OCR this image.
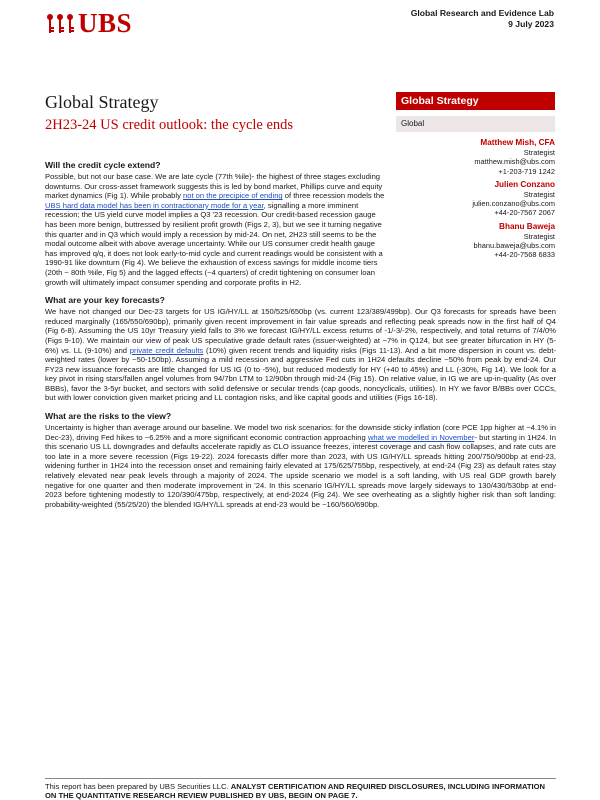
UBS	Global Research and Evidence Lab
9 July 2023
Global Strategy
2H23-24 US credit outlook: the cycle ends
Global Strategy
Global
Matthew Mish, CFA
Strategist
matthew.mish@ubs.com
+1-203-719 1242
Julien Conzano
Strategist
julien.conzano@ubs.com
+44-20-7567 2067
Bhanu Baweja
Strategist
bhanu.baweja@ubs.com
+44-20-7568 6833
Will the credit cycle extend?

Possible, but not our base case. We are late cycle (77th %ile)- the highest of three stages excluding downturns. Our cross-asset framework suggests this is led by bond market, Phillips curve and equity market dynamics (Fig 1). While probably not on the precipice of ending of three recession models the UBS hard data model has been in contractionary mode for a year, signalling a more imminent recession; the US yield curve model implies a Q3 '23 recession. Our credit-based recession gauge has been more benign, buttressed by resilient profit growth (Figs 2, 3), but we see it turning negative this quarter and in Q3 which would imply a recession by mid-24. On net, 2H23 still seems to be the modal outcome albeit with above average uncertainty. While our US consumer credit health gauge has improved q/q, it does not look early-to-mid cycle and current readings would be consistent with a 1990-91 like downturn (Fig 4). We believe the exhaustion of excess savings for middle income tiers (20th ~ 80th %ile, Fig 5) and the lagged effects (~4 quarters) of credit tightening on consumer loan growth will ultimately impact consumer spending and corporate profits in H2.

What are your key forecasts?

We have not changed our Dec-23 targets for US IG/HY/LL at 150/525/650bp (vs. current 123/389/499bp). Our Q3 forecasts for spreads have been reduced marginally (165/550/690bp), primarily given recent improvement in fair value spreads and reflecting peak spreads now in the first half of Q4 (Fig 6-8). Assuming the US 10yr Treasury yield falls to 3% we forecast IG/HY/LL excess returns of -1/-3/-2%, respectively, and total returns of 7/4/0% (Figs 9-10). We maintain our view of peak US speculative grade default rates (issuer-weighted) at ~7% in Q124, but see greater bifurcation in HY (5-6%) vs. LL (9-10%) and private credit defaults (10%) given recent trends and liquidity risks (Figs 11-13). And a bit more dispersion in count vs. debt-weighted rates (lower by ~50-150bp). Assuming a mild recession and aggressive Fed cuts in 1H24 defaults decline ~50% from peak by end-24. Our FY23 new issuance forecasts are little changed for US IG (0 to -5%), but reduced modestly for HY (+40 to 45%) and LL (-30%, Fig 14). We look for a key pivot in rising stars/fallen angel volumes from 94/7bn LTM to 12/90bn through mid-24 (Fig 15). On relative value, in IG we are up-in-quality (As over BBBs), favor the 3-5yr bucket, and sectors with solid defensive or secular trends (cap goods, noncyclicals, utilities). In HY we favor B/BBs over CCCs, but with lower conviction given market pricing and LL contagion risks, and like capital goods and utilities (Figs 16-18).

What are the risks to the view?

Uncertainty is higher than average around our baseline. We model two risk scenarios: for the downside sticky inflation (core PCE 1pp higher at ~4.1% in Dec-23), driving Fed hikes to ~6.25% and a more significant economic contraction approaching what we modelled in November- but starting in 1H24. In this scenario US LL downgrades and defaults accelerate rapidly as CLO issuance freezes, interest coverage and cash flow collapses, and rate cuts are too late in a more severe recession (Figs 19-22). 2024 forecasts differ more than 2023, with US IG/HY/LL spreads hitting 200/750/900bp at end-23, widening further in 1H24 into the recession onset and remaining fairly elevated at 175/625/755bp, respectively, at end-24 (Fig 23) as default rates stay relatively elevated near peak levels through a majority of 2024. The upside scenario we model is a soft landing, with US real GDP growth barely negative for one quarter and then moderate improvement in '24. In this scenario IG/HY/LL spreads move largely sideways to 130/430/530bp at end-2023 before tightening modestly to 120/390/475bp, respectively, at end-2024 (Fig 24). We see overheating as a slightly higher risk than soft landing: probability-weighted (55/25/20) the blended IG/HY/LL spreads at end-23 would be ~160/560/690bp.

This report has been prepared by UBS Securities LLC. ANALYST CERTIFICATION AND REQUIRED DISCLOSURES, INCLUDING INFORMATION ON THE QUANTITATIVE RESEARCH REVIEW PUBLISHED BY UBS, BEGIN ON PAGE 7.
